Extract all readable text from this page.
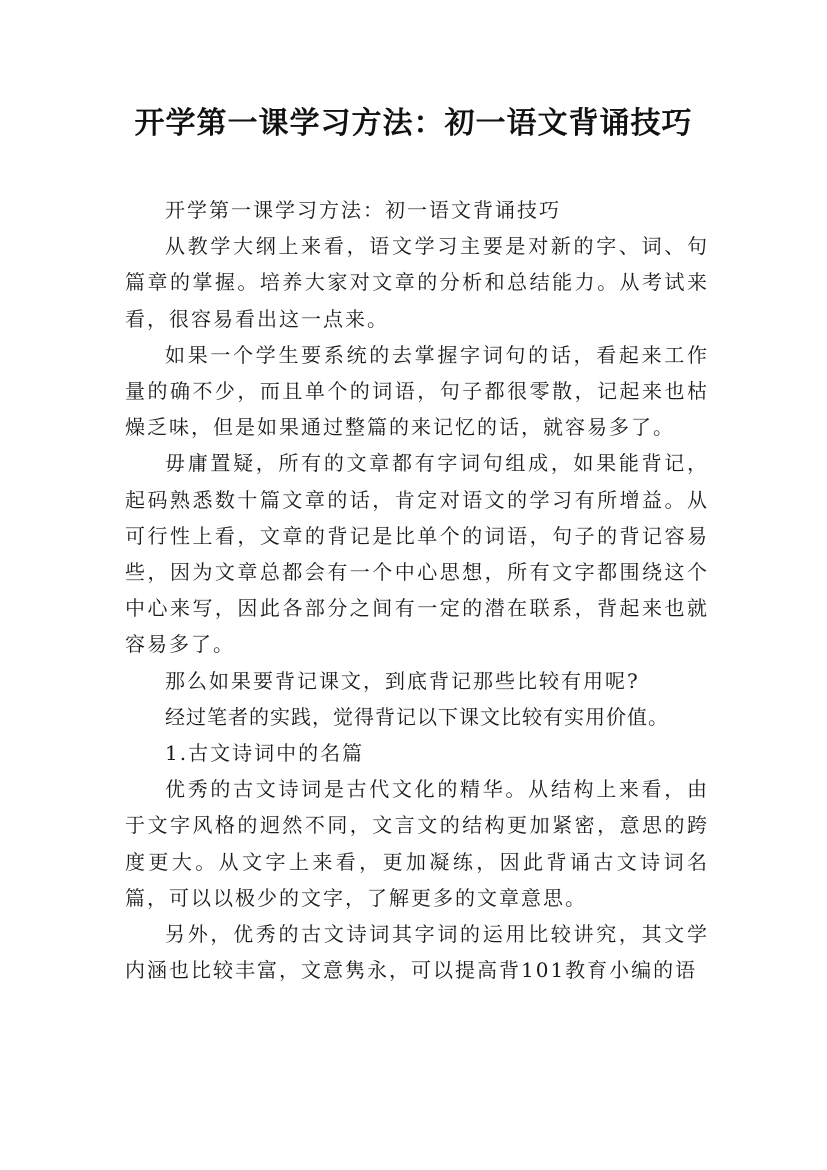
开学第一课学习方法：初一语文背诵技巧

开学第一课学习方法：初一语文背诵技巧

从教学大纲上来看，语文学习主要是对新的字、词、句篇章的掌握。培养大家对文章的分析和总结能力。从考试来看，很容易看出这一点来。

如果一个学生要系统的去掌握字词句的话，看起来工作量的确不少，而且单个的词语，句子都很零散，记起来也枯燥乏味，但是如果通过整篇的来记忆的话，就容易多了。

毋庸置疑，所有的文章都有字词句组成，如果能背记，起码熟悉数十篇文章的话，肯定对语文的学习有所增益。从可行性上看，文章的背记是比单个的词语，句子的背记容易些，因为文章总都会有一个中心思想，所有文字都围绕这个中心来写，因此各部分之间有一定的潜在联系，背起来也就容易多了。

那么如果要背记课文，到底背记那些比较有用呢?

经过笔者的实践，觉得背记以下课文比较有实用价值。

1.古文诗词中的名篇

优秀的古文诗词是古代文化的精华。从结构上来看，由于文字风格的迥然不同，文言文的结构更加紧密，意思的跨度更大。从文字上来看，更加凝练，因此背诵古文诗词名篇，可以以极少的文字，了解更多的文章意思。

另外，优秀的古文诗词其字词的运用比较讲究，其文学内涵也比较丰富，文意隽永，可以提高背101教育小编的语
